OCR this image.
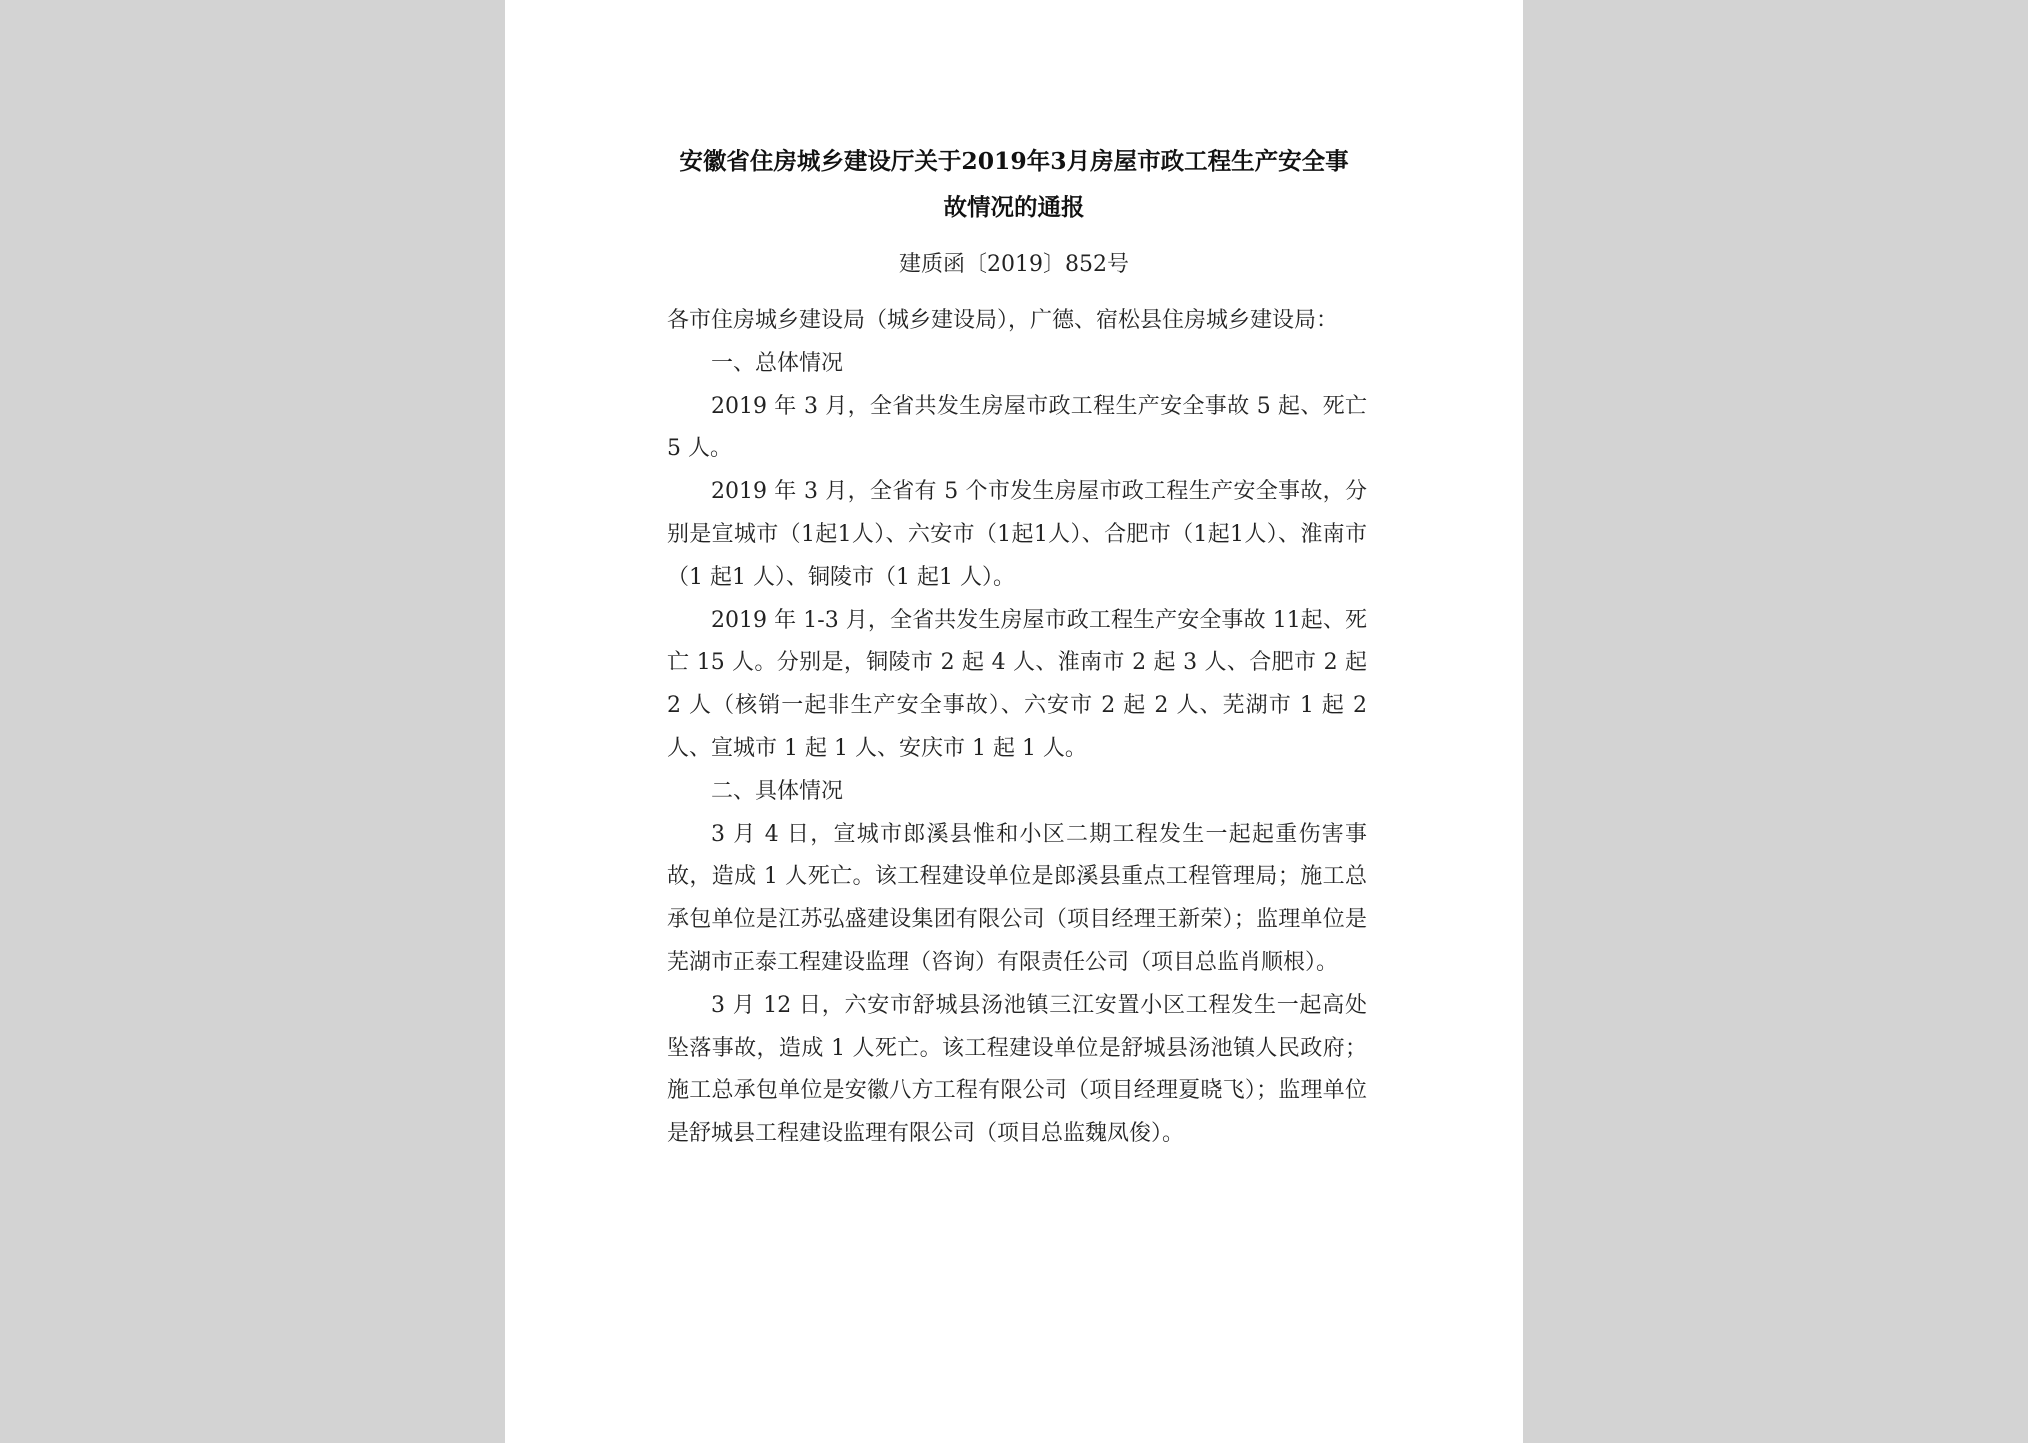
安徽省住房城乡建设厅关于2019年3月房屋市政工程生产安全事
故情况的通报

建质函〔2019〕852号

各市住房城乡建设局（城乡建设局），广德、宿松县住房城乡建设局：

一、总体情况

2019 年 3 月，全省共发生房屋市政工程生产安全事故 5 起、死亡 5 人。

2019 年 3 月，全省有 5 个市发生房屋市政工程生产安全事故，分别是宣城市（1起1人）、六安市（1起1人）、合肥市（1起1人）、淮南市（1 起1 人）、铜陵市（1 起1 人）。

2019 年 1-3 月，全省共发生房屋市政工程生产安全事故 11起、死亡 15 人。分别是，铜陵市 2 起 4 人、淮南市 2 起 3 人、合肥市 2 起 2 人（核销一起非生产安全事故）、六安市 2 起 2 人、芜湖市 1 起 2 人、宣城市 1 起 1 人、安庆市 1 起 1 人。

二、具体情况

3 月 4 日，宣城市郎溪县惟和小区二期工程发生一起起重伤害事故，造成 1 人死亡。该工程建设单位是郎溪县重点工程管理局；施工总承包单位是江苏弘盛建设集团有限公司（项目经理王新荣）；监理单位是芜湖市正泰工程建设监理（咨询）有限责任公司（项目总监肖顺根）。

3 月 12 日，六安市舒城县汤池镇三江安置小区工程发生一起高处坠落事故，造成 1 人死亡。该工程建设单位是舒城县汤池镇人民政府；施工总承包单位是安徽八方工程有限公司（项目经理夏晓飞）；监理单位是舒城县工程建设监理有限公司（项目总监魏凤俊）。
